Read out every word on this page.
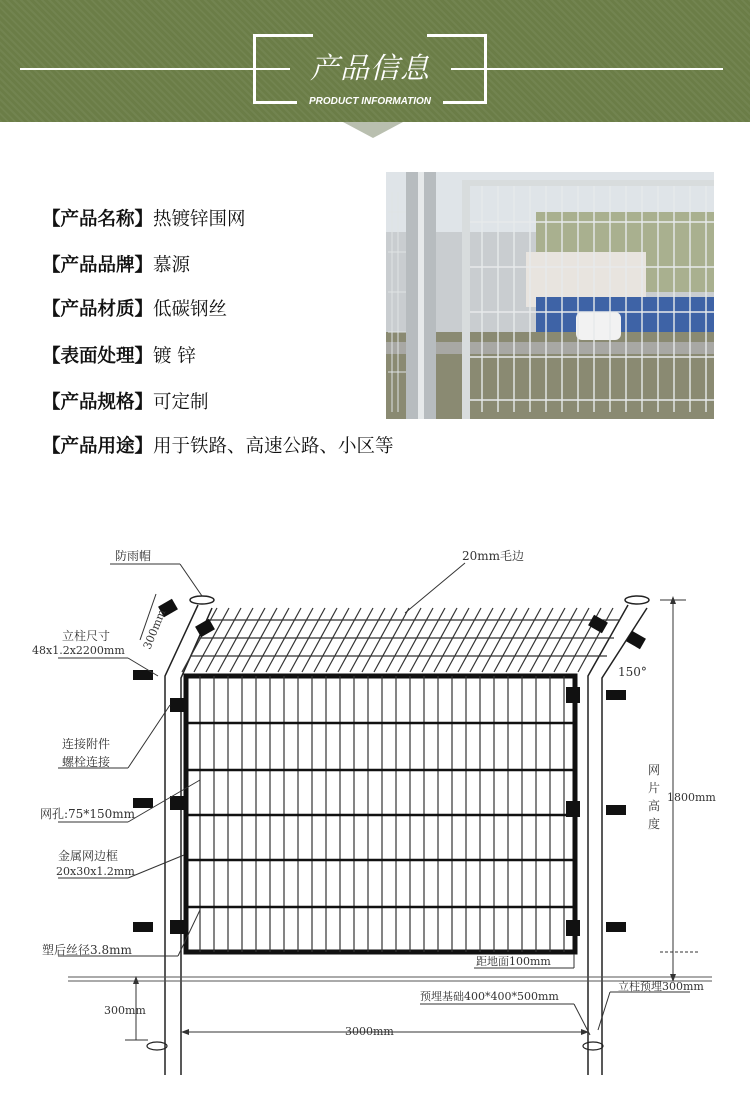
产品信息
PRODUCT INFORMATION
【产品名称】热镀锌围网
【产品品牌】慕源
【产品材质】低碳钢丝
【表面处理】镀 锌
【产品规格】可定制
【产品用途】用于铁路、高速公路、小区等
防雨帽	20mm毛边
300mm
立柱尺寸
48x1.2x2200mm
连接附件
螺栓连接
网孔:75*150mm
金属网边框
20x30x1.2mm
塑后丝径3.8mm
150°
网
片
高
度
1800mm
距地面100mm
预埋基础400*400*500mm
立柱预埋300mm
300mm
3000mm
